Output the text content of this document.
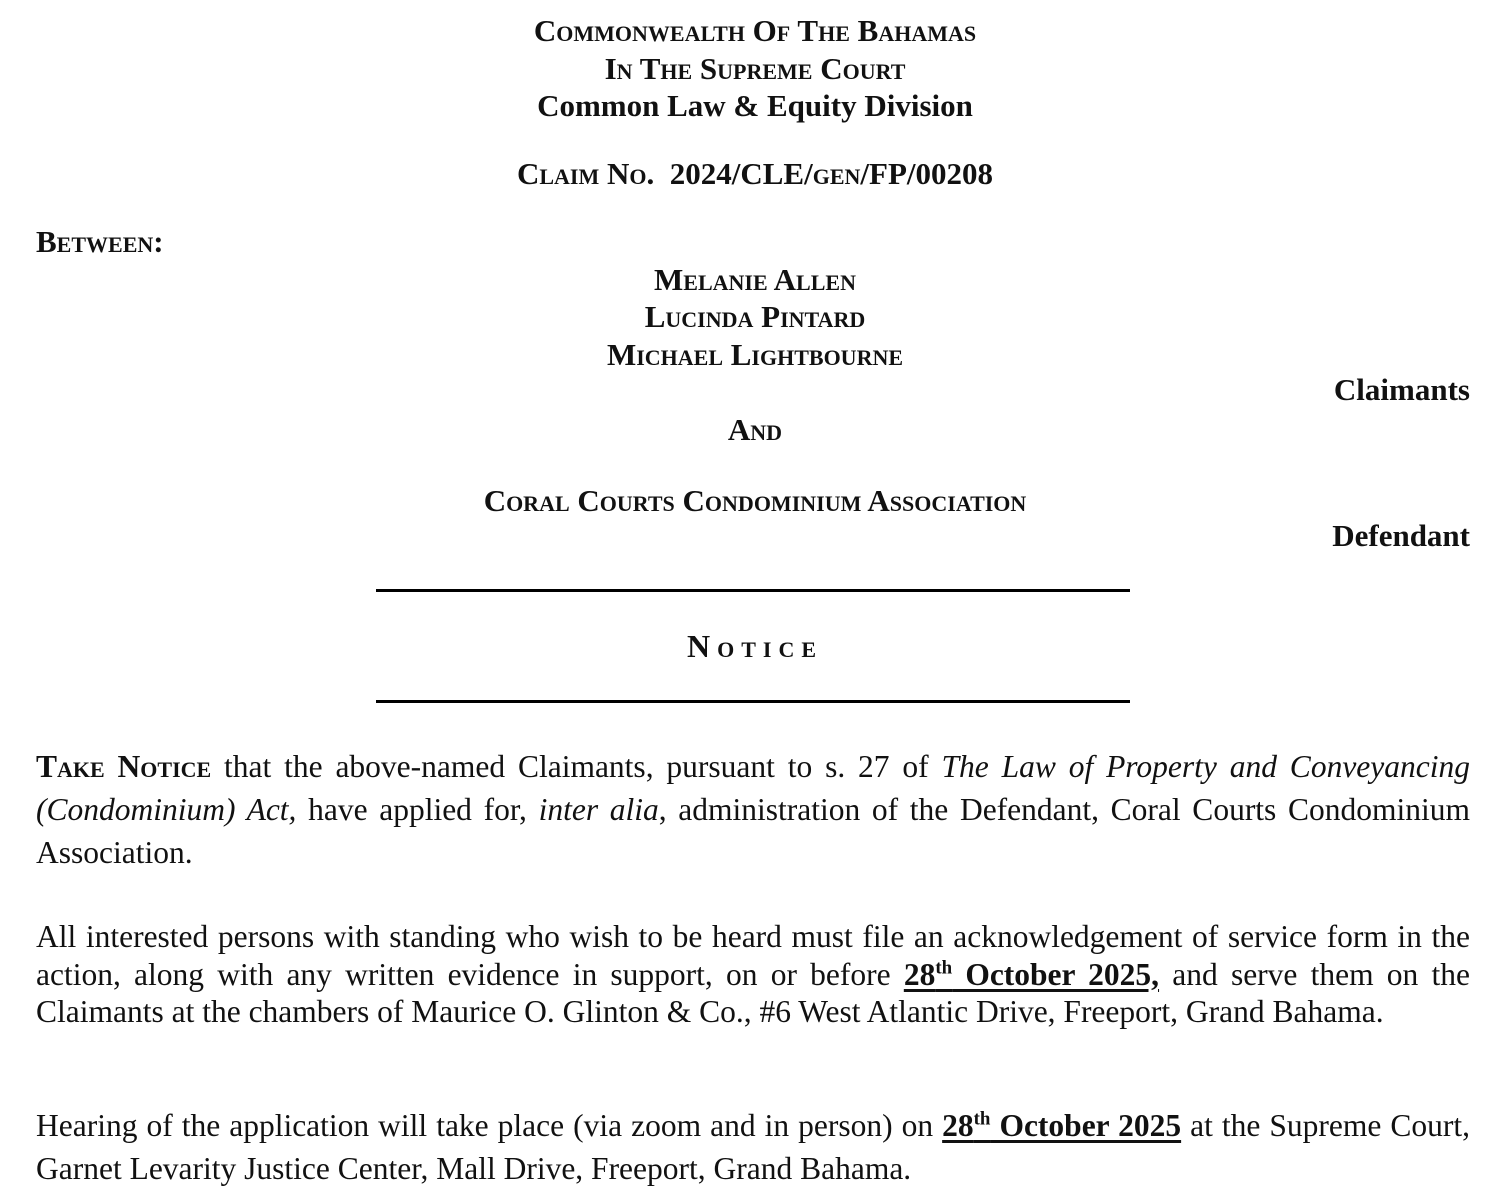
Commonwealth Of The Bahamas
In The Supreme Court
Common Law & Equity Division
Claim No. 2024/CLE/gen/FP/00208
Between:
Melanie Allen
Lucinda Pintard
Michael Lightbourne
Claimants
And
Coral Courts Condominium Association
Defendant
Notice
Take Notice that the above-named Claimants, pursuant to s. 27 of The Law of Property and Conveyancing (Condominium) Act, have applied for, inter alia, administration of the Defendant, Coral Courts Condominium Association.
All interested persons with standing who wish to be heard must file an acknowledgement of service form in the action, along with any written evidence in support, on or before 28th October 2025, and serve them on the Claimants at the chambers of Maurice O. Glinton & Co., #6 West Atlantic Drive, Freeport, Grand Bahama.
Hearing of the application will take place (via zoom and in person) on 28th October 2025 at the Supreme Court, Garnet Levarity Justice Center, Mall Drive, Freeport, Grand Bahama.
